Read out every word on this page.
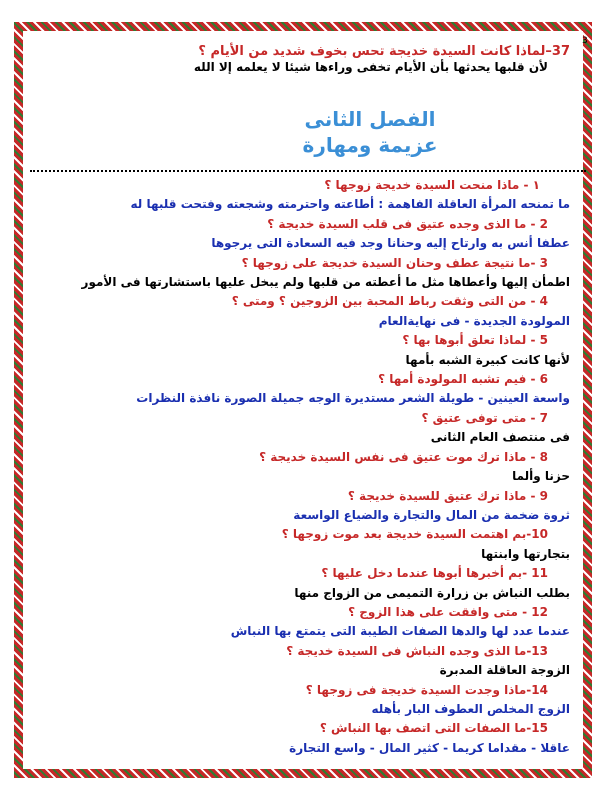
3
37–لماذا كانت السيدة خديجة تحس بخوف شديد من الأيام ؟
لأن قلبها يحدثها بأن الأيام تخفى وراءها شيئا لا يعلمه إلا الله
الفصل الثانى
عزيمة ومهارة
١ - ماذا منحت السيدة خديجة زوجها ؟
ما تمنحه المرأة العاقلة الفاهمة : أطاعته واحترمته وشجعته وفتحت قلبها له
2 - ما الذى وجده عتيق فى قلب السيدة خديجة ؟
عطفا أنس به وارتاح إليه وحنانا وجد فيه السعادة التى يرجوها
3 -ما نتيجة عطف وحنان السيدة خديجة على زوجها ؟
اطمأن إليها وأعطاها مثل ما أعطته من قلبها ولم يبخل عليها باستشارتها فى الأمور
4 - من التى وثقت رباط المحبة بين الزوجين ؟ ومتى ؟
المولودة الجديدة - فى نهايةالعام
5 - لماذا تعلق أبوها بها ؟
لأنها كانت كبيرة الشبه بأمها
6 - فيم تشبه المولودة أمها ؟
واسعة العينين - طويلة الشعر مستديرة الوجه جميلة الصورة نافذة النظرات
7 - متى توفى عتيق ؟
فى منتصف العام الثانى
8 - ماذا ترك موت عتيق فى نفس السيدة خديجة ؟
حزنا وألما
9 - ماذا ترك عتيق للسيدة خديجة ؟
ثروة ضخمة من المال والتجارة والضياع الواسعة
10-بم اهتمت السيدة خديجة بعد موت زوجها ؟
بتجارتها وابنتها
11 -بم أخبرها أبوها عندما دخل عليها ؟
بطلب النباش بن زرارة التميمى من الزواج منها
12 - متى وافقت على هذا الزوج ؟
عندما عدد لها والدها الصفات الطيبة التى يتمتع بها النباش
13-ما الذى وجده النباش فى السيدة خديجة ؟
الزوجة العاقلة المدبرة
14-ماذا وجدت السيدة خديجة فى زوجها ؟
الزوج المخلص العطوف البار بأهله
15-ما الصفات التى اتصف بها النباش ؟
عاقلا - مقداما كريما - كثير المال - واسع التجارة
